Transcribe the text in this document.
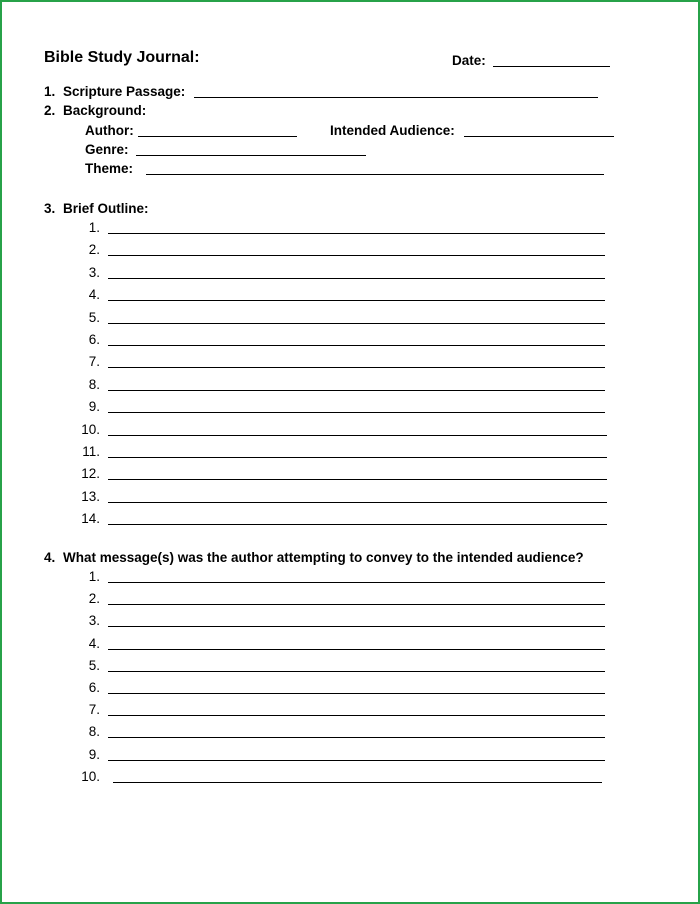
Bible Study Journal:	Date:
1. Scripture Passage:
2. Background:
Author:	Intended Audience:
Genre:
Theme:
3. Brief Outline:
1.
2.
3.
4.
5.
6.
7.
8.
9.
10.
11.
12.
13.
14.
4. What message(s) was the author attempting to convey to the intended audience?
1.
2.
3.
4.
5.
6.
7.
8.
9.
10.
